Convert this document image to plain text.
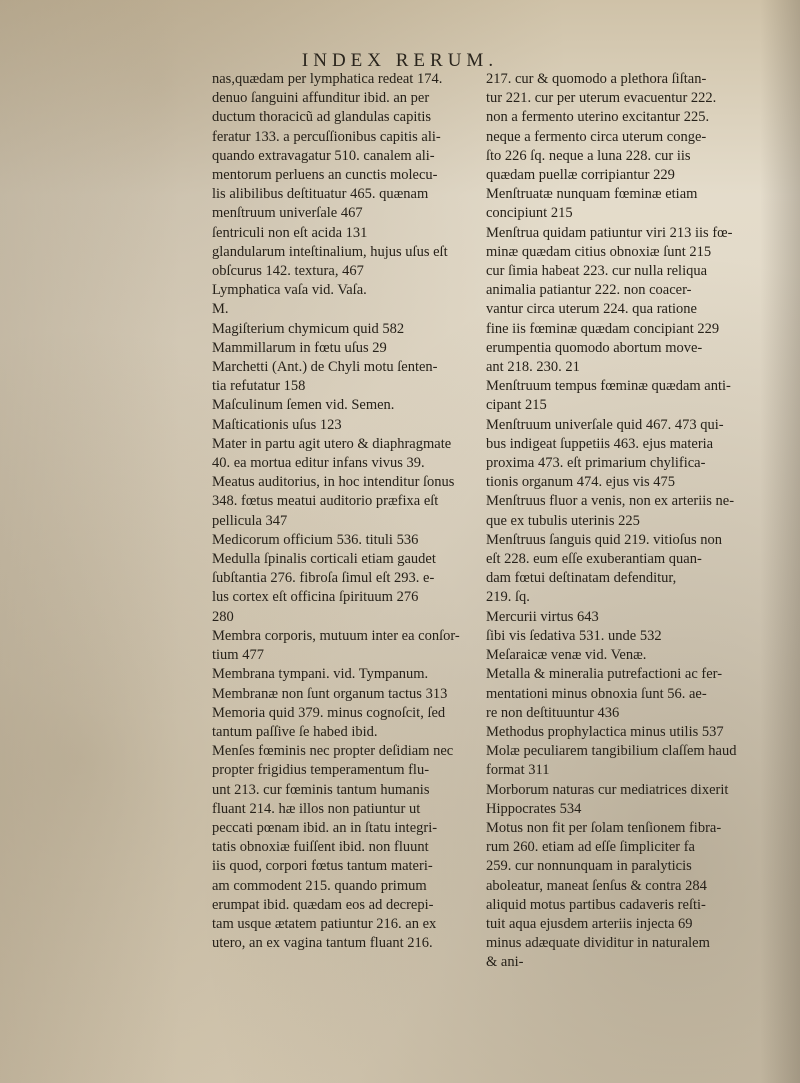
INDEX RERUM.
nas,quædam per lymphatica redeat 174.
denuo ſanguini affunditur ibid. an per
ductum thoracicũ ad glandulas capitis
feratur 133. a percuſſionibus capitis ali-
quando extravagatur 510. canalem ali-
mentorum perluens an cunctis molecu-
lis alibilibus deſtituatur 465. quænam
menſtruum univerſale 467
ſentriculi non eſt acida 131
glandularum inteſtinalium, hujus uſus eſt
obſcurus 142. textura, 467
Lymphatica vaſa vid. Vaſa.
M.
Magiſterium chymicum quid 582
Mammillarum in fœtu uſus 29
Marchetti (Ant.) de Chyli motu ſenten-
tia refutatur 158
Maſculinum ſemen vid. Semen.
Maſticationis uſus 123
Mater in partu agit utero & diaphragmate
40. ea mortua editur infans vivus 39.
Meatus auditorius, in hoc intenditur ſonus
348. fœtus meatui auditorio præfixa eſt
pellicula 347
Medicorum officium 536. tituli 536
Medulla ſpinalis corticali etiam gaudet
ſubſtantia 276. fibroſa ſimul eſt 293. e-
lus cortex eſt officina ſpirituum 276
280
Membra corporis, mutuum inter ea conſor-
tium 477
Membrana tympani. vid. Tympanum.
Membranæ non ſunt organum tactus 313
Memoria quid 379. minus cognoſcit, ſed
tantum paſſive ſe habed ibid.
Menſes fœminis nec propter deſidiam nec
propter frigidius temperamentum flu-
unt 213. cur fœminis tantum humanis
fluant 214. hæ illos non patiuntur ut
peccati pœnam ibid. an in ſtatu integri-
tatis obnoxiæ fuiſſent ibid. non fluunt
iis quod, corpori fœtus tantum materi-
am commodent 215. quando primum
erumpat ibid. quædam eos ad decrepi-
tam usque ætatem patiuntur 216. an ex
utero, an ex vagina tantum fluant 216.
217. cur & quomodo a plethora ſiſtan-
tur 221. cur per uterum evacuentur 222.
non a fermento uterino excitantur 225.
neque a fermento circa uterum conge-
ſto 226 ſq. neque a luna 228. cur iis
quædam puellæ corripiantur 229
Menſtruatæ nunquam fœminæ etiam
concipiunt 215
Menſtrua quidam patiuntur viri 213 iis fœ-
minæ quædam citius obnoxiæ ſunt 215
cur ſimia habeat 223. cur nulla reliqua
animalia patiantur 222. non coacer-
vantur circa uterum 224. qua ratione
fine iis fœminæ quædam concipiant 229
erumpentia quomodo abortum move-
ant 218. 230. 21
Menſtruum tempus fœminæ quædam anti-
cipant 215
Menſtruum univerſale quid 467. 473 qui-
bus indigeat ſuppetiis 463. ejus materia
proxima 473. eſt primarium chylifica-
tionis organum 474. ejus vis 475
Menſtruus fluor a venis, non ex arteriis ne-
que ex tubulis uterinis 225
Menſtruus ſanguis quid 219. vitioſus non
eſt 228. eum eſſe exuberantiam quan-
dam fœtui deſtinatam defenditur,
219. ſq.
Mercurii virtus 643
ſibi vis ſedativa 531. unde 532
Meſaraicæ venæ vid. Venæ.
Metalla & mineralia putrefactioni ac fer-
mentationi minus obnoxia ſunt 56. ae-
re non deſtituuntur 436
Methodus prophylactica minus utilis 537
Molæ peculiarem tangibilium claſſem haud
format 311
Morborum naturas cur mediatrices dixerit
Hippocrates 534
Motus non fit per ſolam tenſionem fibra-
rum 260. etiam ad eſſe ſimpliciter fa
259. cur nonnunquam in paralyticis
aboleatur, maneat ſenſus & contra 284
aliquid motus partibus cadaveris reſti-
tuit aqua ejusdem arteriis injecta 69
minus adæquate dividitur in naturalem
& ani-
